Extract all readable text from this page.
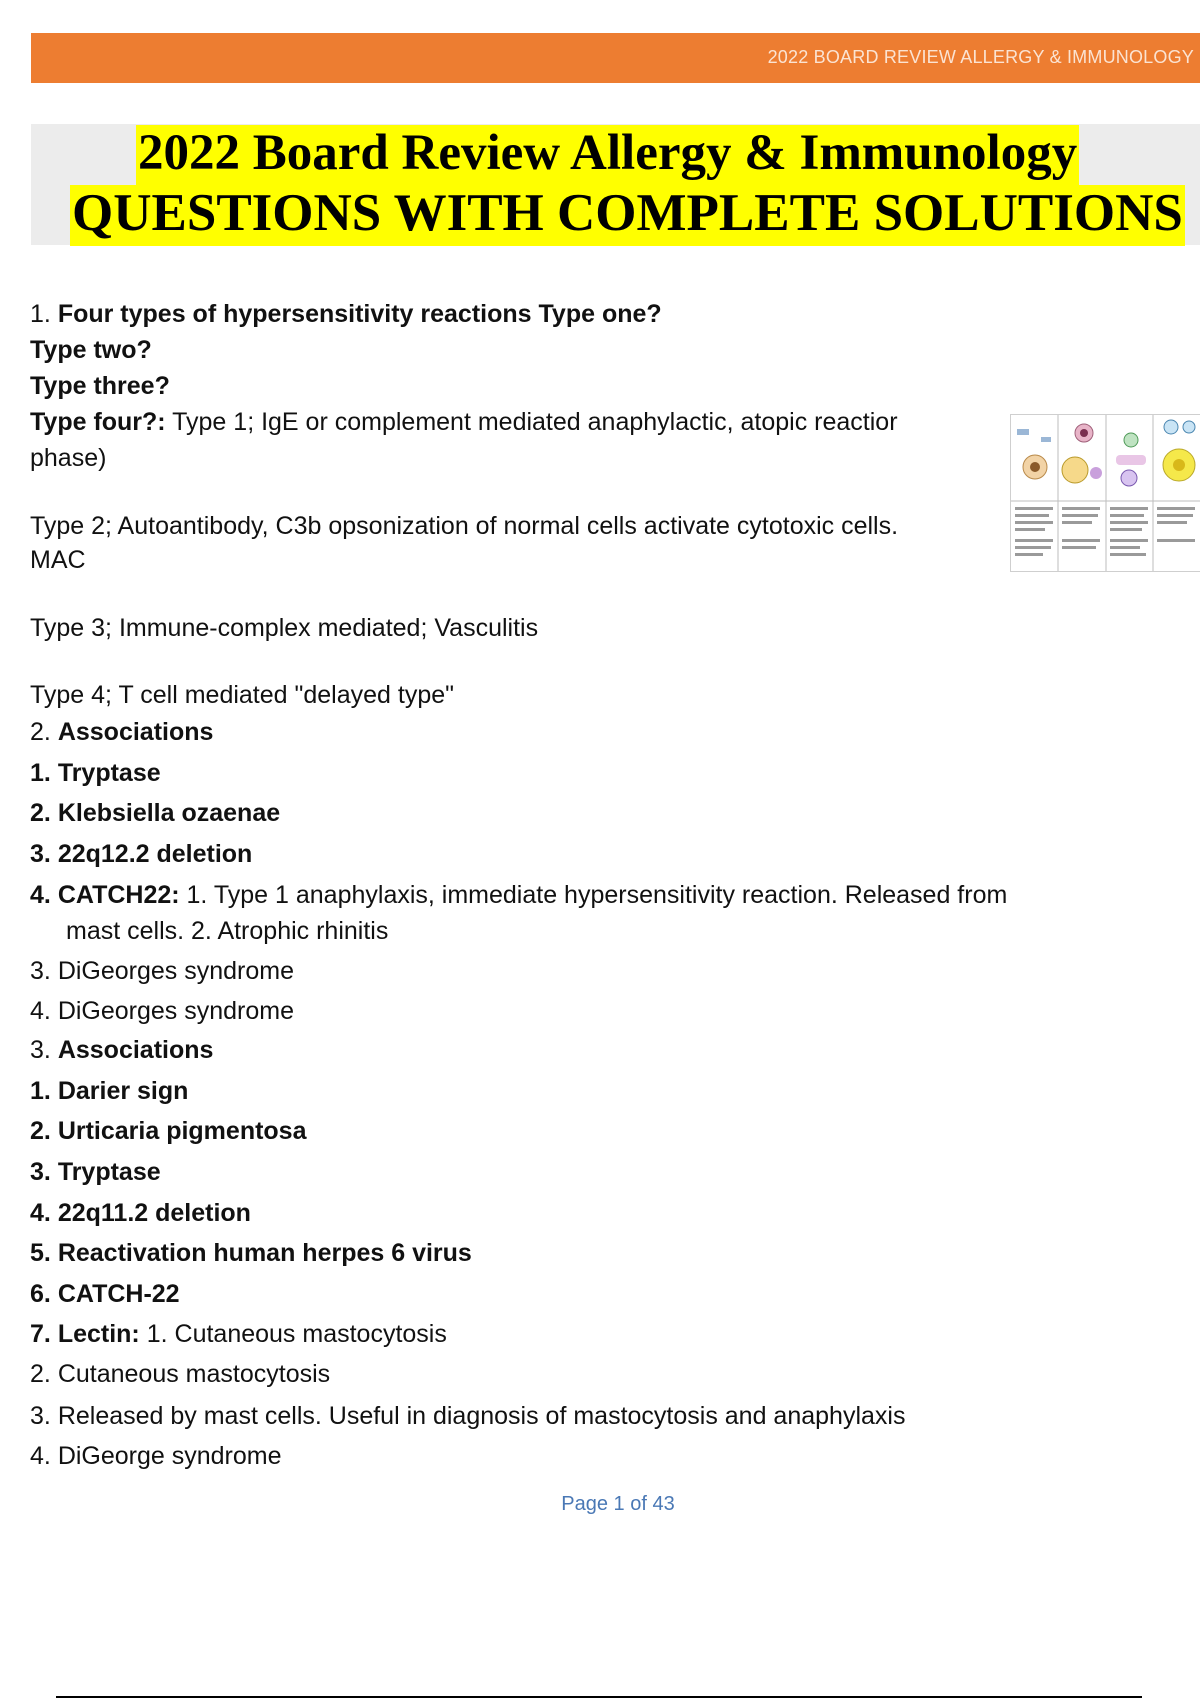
2022 BOARD REVIEW ALLERGY & IMMUNOLOGY
2022 Board Review Allergy & Immunology
QUESTIONS WITH COMPLETE SOLUTIONS
1. Four types of hypersensitivity reactions Type one?
Type two?
Type three?
Type four?: Type 1; IgE or complement mediated anaphylactic, atopic reactior
phase)
Type 2; Autoantibody, C3b opsonization of normal cells activate cytotoxic cells.
MAC
Type 3; Immune-complex mediated; Vasculitis
Type 4; T cell mediated "delayed type"
2. Associations
1. Tryptase
2. Klebsiella ozaenae
3. 22q12.2 deletion
4. CATCH22: 1. Type 1 anaphylaxis, immediate hypersensitivity reaction. Released from
mast cells. 2. Atrophic rhinitis
3. DiGeorges syndrome
4. DiGeorges syndrome
3. Associations
1. Darier sign
2. Urticaria pigmentosa
3. Tryptase
4. 22q11.2 deletion
5. Reactivation human herpes 6 virus
6. CATCH-22
7. Lectin: 1. Cutaneous mastocytosis
2. Cutaneous mastocytosis
3. Released by mast cells. Useful in diagnosis of mastocytosis and anaphylaxis
4. DiGeorge syndrome
Page 1 of 43
